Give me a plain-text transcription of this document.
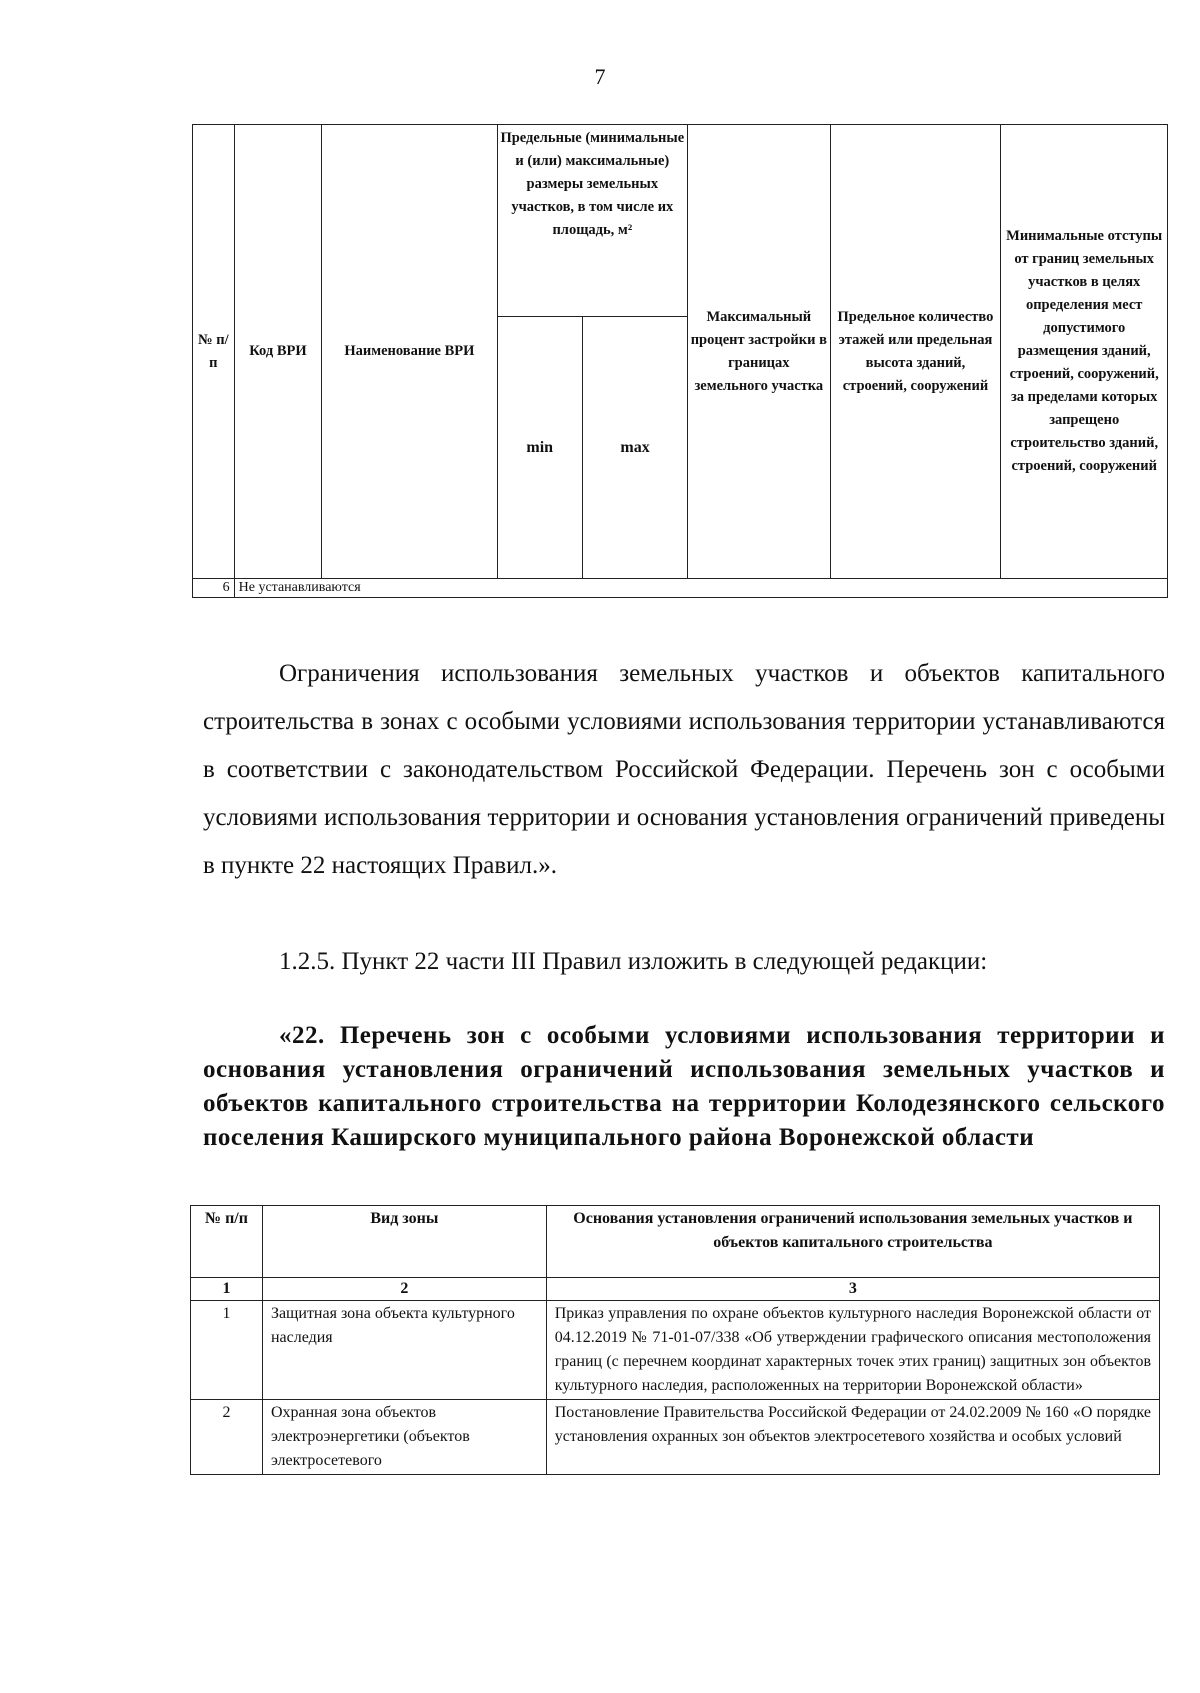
7
№ п/п	Код ВРИ	Наименование ВРИ	Предельные (минимальные и (или) максимальные) размеры земельных участков, в том числе их площадь, м²		Максимальный процент застройки в границах земельного участка	Предельное количество этажей или предельная высота зданий, строений, сооружений	Минимальные отступы от границ земельных участков в целях определения мест допустимого размещения зданий, строений, сооружений, за пределами которых запрещено строительство зданий, строений, сооружений
			min	max			
6	Не устанавливаются						
Ограничения использования земельных участков и объектов капитального строительства в зонах с особыми условиями использования территории устанавливаются в соответствии с законодательством Российской Федерации. Перечень зон с особыми условиями использования территории и основания установления ограничений приведены в пункте 22 настоящих Правил.».
1.2.5. Пункт 22 части III Правил изложить в следующей редакции:
«22. Перечень зон с особыми условиями использования территории и основания установления ограничений использования земельных участков и объектов капитального строительства на территории Колодезянского сельского поселения Каширского муниципального района Воронежской области
№ п/п	Вид зоны	Основания установления ограничений использования земельных участков и объектов капитального строительства
1	2	3
1	Защитная зона объекта культурного наследия	Приказ управления по охране объектов культурного наследия Воронежской области от 04.12.2019 № 71-01-07/338 «Об утверждении графического описания местоположения границ (с перечнем координат характерных точек этих границ) защитных зон объектов культурного наследия, расположенных на территории Воронежской области»
2	Охранная зона объектов электроэнергетики (объектов электросетевого	Постановление Правительства Российской Федерации от 24.02.2009 № 160 «О порядке установления охранных зон объектов электросетевого хозяйства и особых условий
